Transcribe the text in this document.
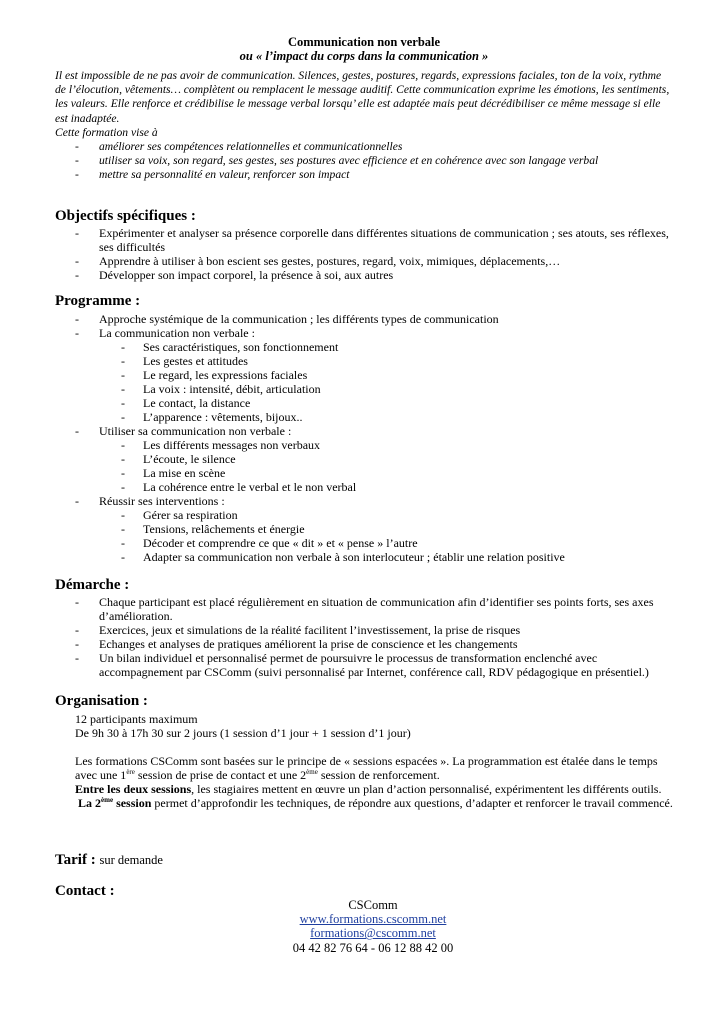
Communication non verbale
ou « l’impact du corps dans la communication »

Il est impossible de ne pas avoir de communication. Silences, gestes, postures, regards, expressions faciales, ton de la voix, rythme de l’élocution, vêtements… complètent ou remplacent le message auditif. Cette communication exprime les émotions, les sentiments, les valeurs. Elle renforce et crédibilise le message verbal lorsqu’ elle est adaptée mais peut décrédibiliser ce même message si elle est inadaptée.

Cette formation vise à

- améliorer ses compétences relationnelles et communicationnelles
- utiliser sa voix, son regard, ses gestes, ses postures avec efficience et en cohérence avec son langage verbal
- mettre sa personnalité en valeur, renforcer son impact
Objectifs spécifiques :
- Expérimenter et analyser sa présence corporelle dans différentes situations de communication ; ses atouts, ses réflexes, ses difficultés
- Apprendre à utiliser à bon escient ses gestes, postures, regard, voix, mimiques, déplacements,…
- Développer son impact corporel, la présence à soi, aux autres
Programme :
- Approche systémique de la communication ; les différents types de communication
- La communication non verbale :
- Ses caractéristiques, son fonctionnement
- Les gestes et attitudes
- Le regard, les expressions faciales
- La voix : intensité, débit, articulation
- Le contact, la distance
- L’apparence : vêtements, bijoux..
- Utiliser sa communication non verbale :
- Les différents messages non verbaux
- L’écoute, le silence
- La mise en scène
- La cohérence entre le verbal et le non verbal
- Réussir ses interventions :
- Gérer sa respiration
- Tensions, relâchements et énergie
- Décoder et comprendre ce que « dit » et « pense » l’autre
- Adapter sa communication non verbale à son interlocuteur ; établir une relation positive
Démarche :
- Chaque participant est placé régulièrement en situation de communication afin d’identifier ses points forts, ses axes d’amélioration.
- Exercices, jeux et simulations de la réalité facilitent l’investissement, la prise de risques
- Echanges et analyses de pratiques améliorent la prise de conscience et les changements
- Un bilan individuel et personnalisé permet de poursuivre le processus de transformation enclenché avec accompagnement par CSComm (suivi personnalisé par Internet, conférence call, RDV pédagogique en présentiel.)
Organisation :

12 participants maximum

De 9h 30 à 17h 30 sur 2 jours (1 session d’1 jour + 1 session d’1 jour)

Les formations CSComm sont basées sur le principe de « sessions espacées ». La programmation est étalée dans le temps avec une 1ère session de prise de contact et une 2ème session de renforcement.

Entre les deux sessions, les stagiaires mettent en œuvre un plan d’action personnalisé, expérimentent les différents outils.

La 2ème session permet d’approfondir les techniques, de répondre aux questions, d’adapter et renforcer le travail commencé.

Tarif : sur demande
Contact :
CSComm
www.formations.cscomm.net
formations@cscomm.net
04 42 82 76 64 - 06 12 88 42 00
